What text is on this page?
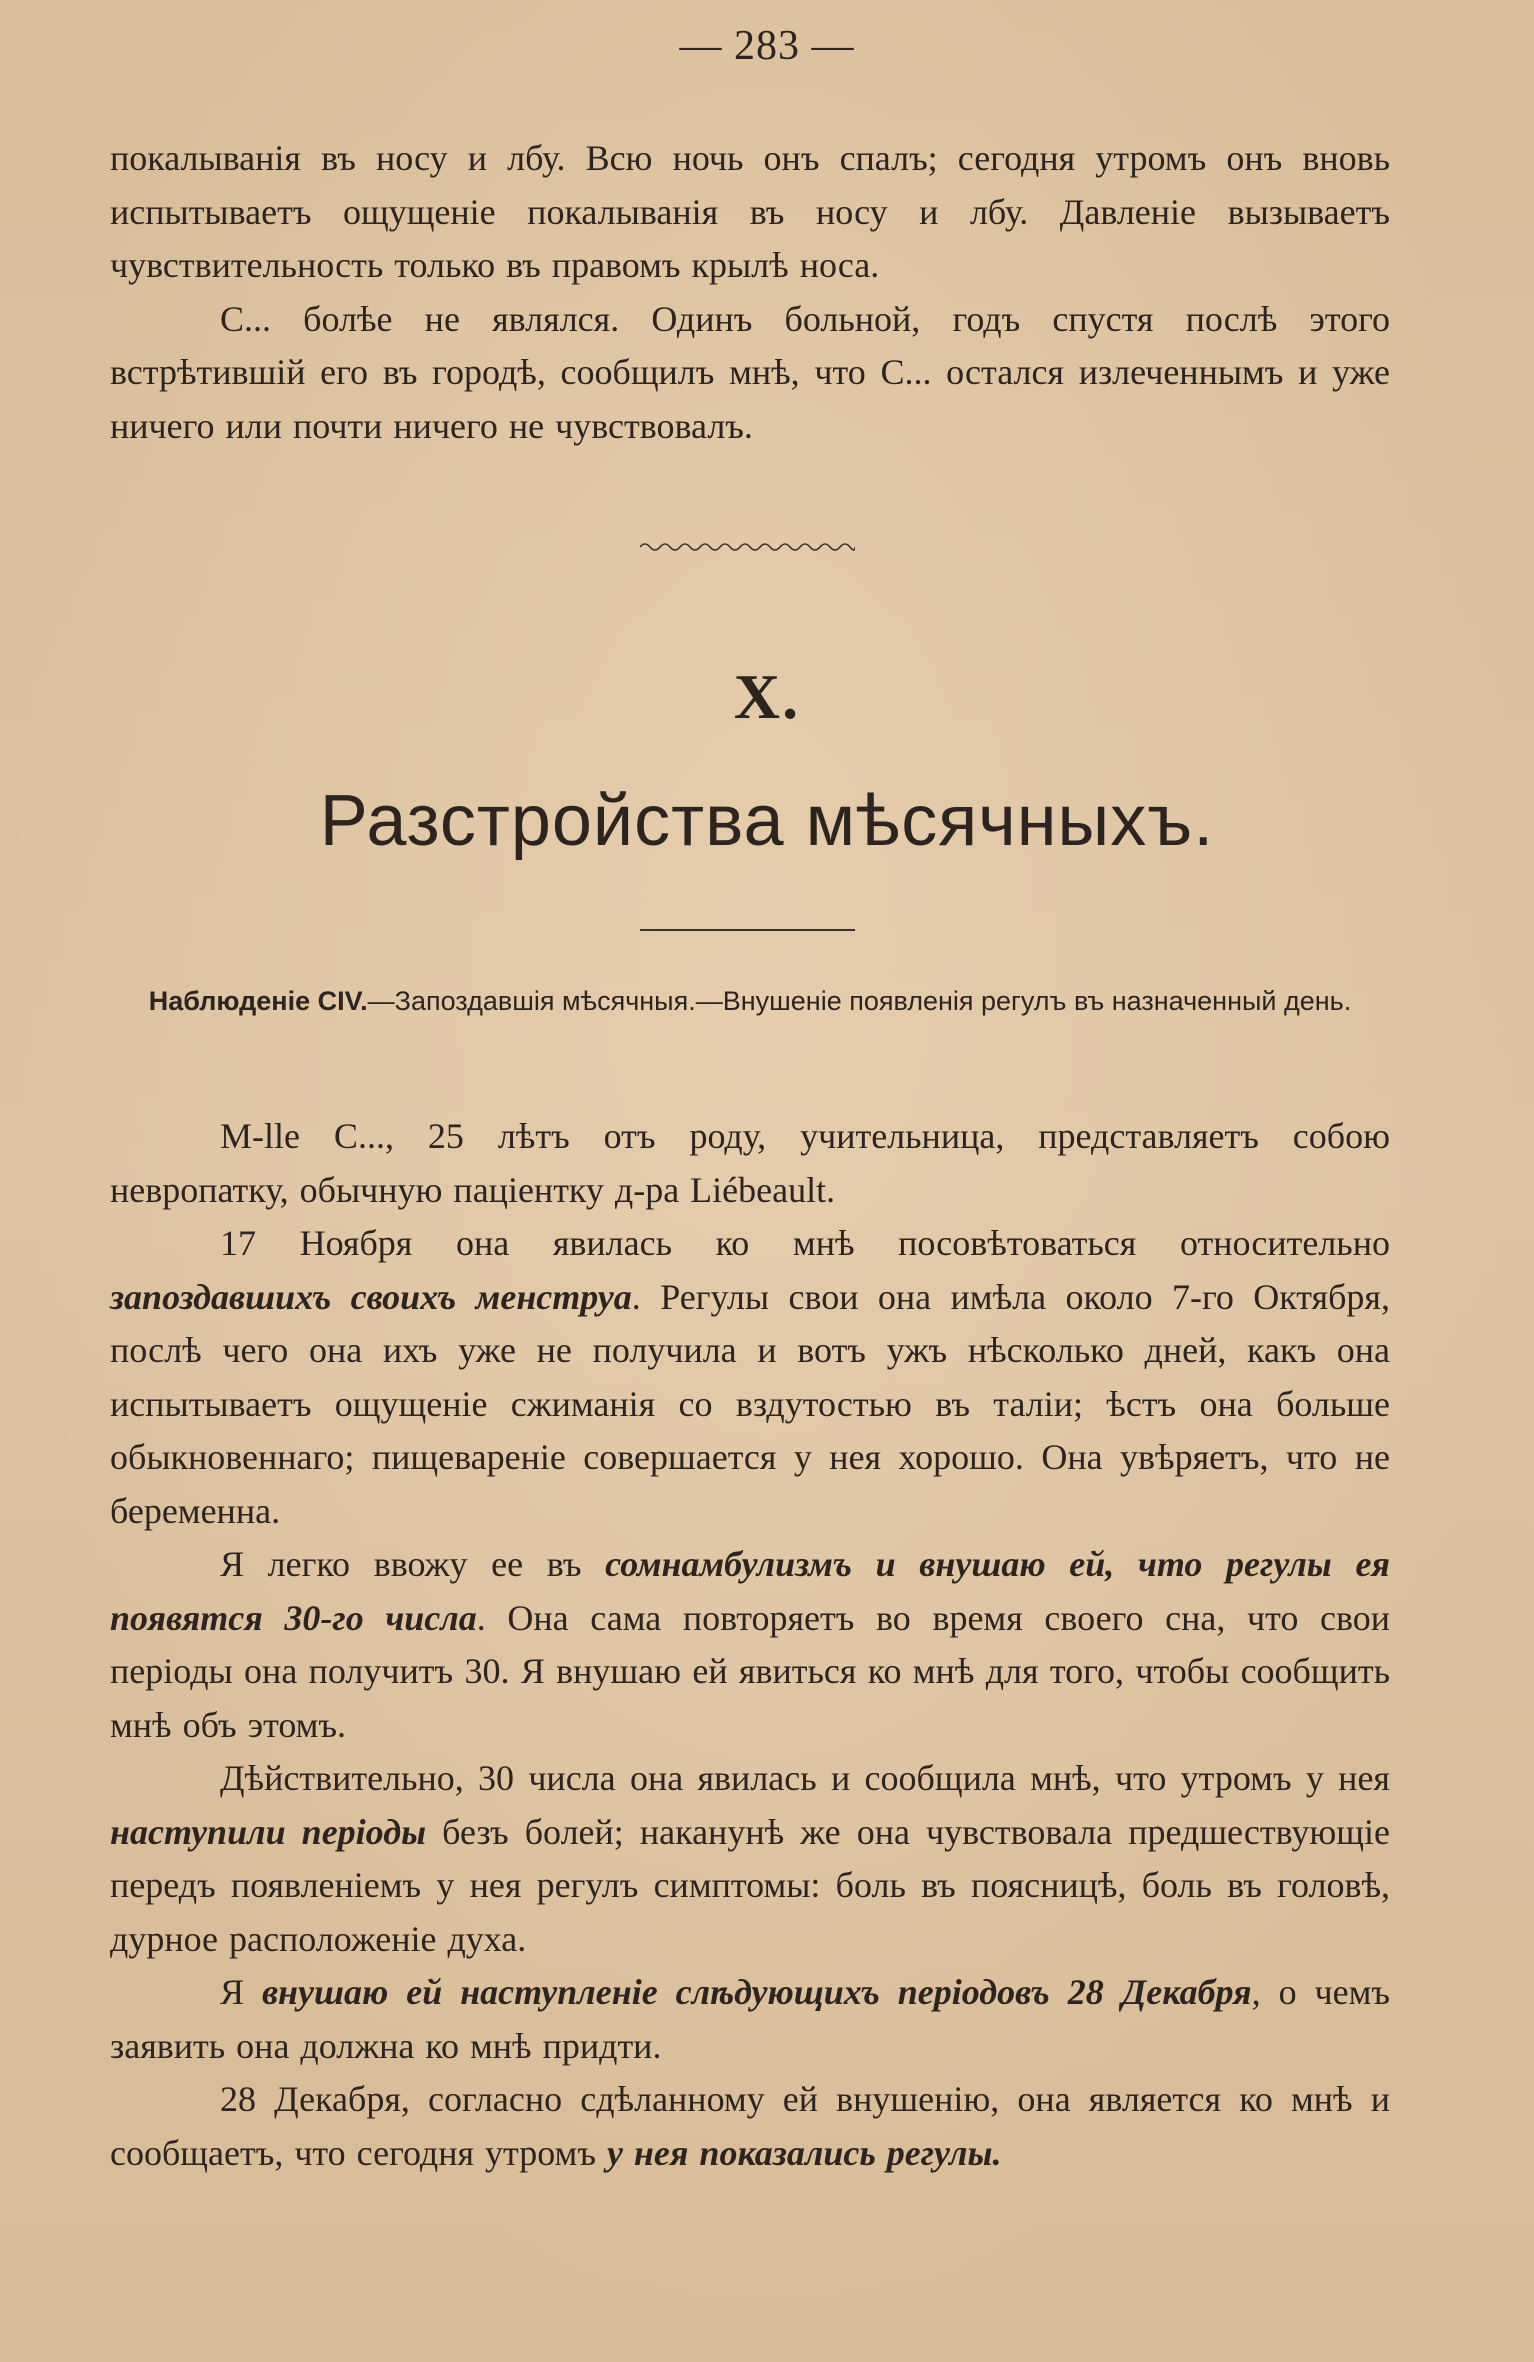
— 283 —

покалыванія въ носу и лбу. Всю ночь онъ спалъ; сегодня утромъ онъ вновь испытываетъ ощущеніе покалыванія въ носу и лбу. Давленіе вызываетъ чувствительность только въ правомъ крылѣ носа.

С... болѣе не являлся. Одинъ больной, годъ спустя послѣ этого встрѣтившій его въ городѣ, сообщилъ мнѣ, что С... остался излеченнымъ и уже ничего или почти ничего не чувствовалъ.

X.
Разстройства мѣсячныхъ.
Наблюденіе CIV.—Запоздавшія мѣсячныя.—Внушеніе появленія регулъ въ назначенный день.

M-lle C..., 25 лѣтъ отъ роду, учительница, представляетъ собою невропатку, обычную паціентку д-ра Liébeault.

17 Ноября она явилась ко мнѣ посовѣтоваться относительно запоздавшихъ своихъ менструа. Регулы свои она имѣла около 7-го Октября, послѣ чего она ихъ уже не получила и вотъ ужъ нѣсколько дней, какъ она испытываетъ ощущеніе сжиманія со вздутостью въ таліи; ѣстъ она больше обыкновеннаго; пищевареніе совершается у нея хорошо. Она увѣряетъ, что не беременна.

Я легко ввожу ее въ сомнамбулизмъ и внушаю ей, что регулы ея появятся 30-го числа. Она сама повторяетъ во время своего сна, что свои періоды она получитъ 30. Я внушаю ей явиться ко мнѣ для того, чтобы сообщить мнѣ объ этомъ.

Дѣйствительно, 30 числа она явилась и сообщила мнѣ, что утромъ у нея наступили періоды безъ болей; наканунѣ же она чувствовала предшествующіе передъ появленіемъ у нея регулъ симптомы: боль въ поясницѣ, боль въ головѣ, дурное расположеніе духа.

Я внушаю ей наступленіе слѣдующихъ періодовъ 28 Декабря, о чемъ заявить она должна ко мнѣ придти.

28 Декабря, согласно сдѣланному ей внушенію, она является ко мнѣ и сообщаетъ, что сегодня утромъ у нея показались регулы.
